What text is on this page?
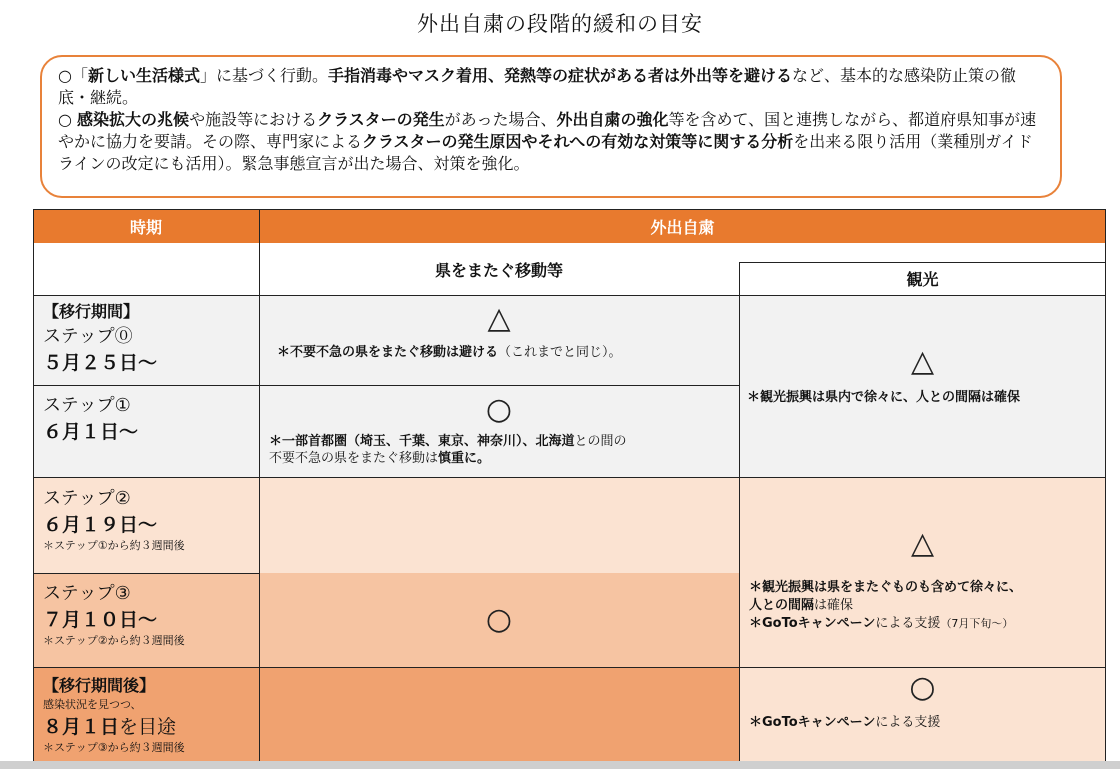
外出自粛の段階的緩和の目安

○「新しい生活様式」に基づく行動。手指消毒やマスク着用、発熱等の症状がある者は外出等を避けるなど、基本的な感染防止策の徹底・継続。

○ 感染拡大の兆候や施設等におけるクラスターの発生があった場合、外出自粛の強化等を含めて、国と連携しながら、都道府県知事が速やかに協力を要請。その際、専門家によるクラスターの発生原因やそれへの有効な対策等に関する分析を出来る限り活用（業種別ガイドラインの改定にも活用）。緊急事態宣言が出た場合、対策を強化。

時期	外出自粛
県をまたぐ移動等	観光
【移行期間】
ステップ⓪
５月２５日〜
ステップ①
６月１日〜
ステップ②
６月１９日〜
＊ステップ①から約３週間後
ステップ③
７月１０日〜
＊ステップ②から約３週間後
【移行期間後】
感染状況を見つつ、
８月１日を目途
＊ステップ③から約３週間後
△
＊不要不急の県をまたぐ移動は避ける（これまでと同じ）。
○
＊一部首都圏（埼玉、千葉、東京、神奈川）、北海道との間の
不要不急の県をまたぐ移動は慎重に。
○
△
＊観光振興は県内で徐々に、人との間隔は確保
△
＊観光振興は県をまたぐものも含めて徐々に、
人との間隔は確保
＊GoToキャンペーンによる支援（7月下旬〜）
○
＊GoToキャンペーンによる支援
